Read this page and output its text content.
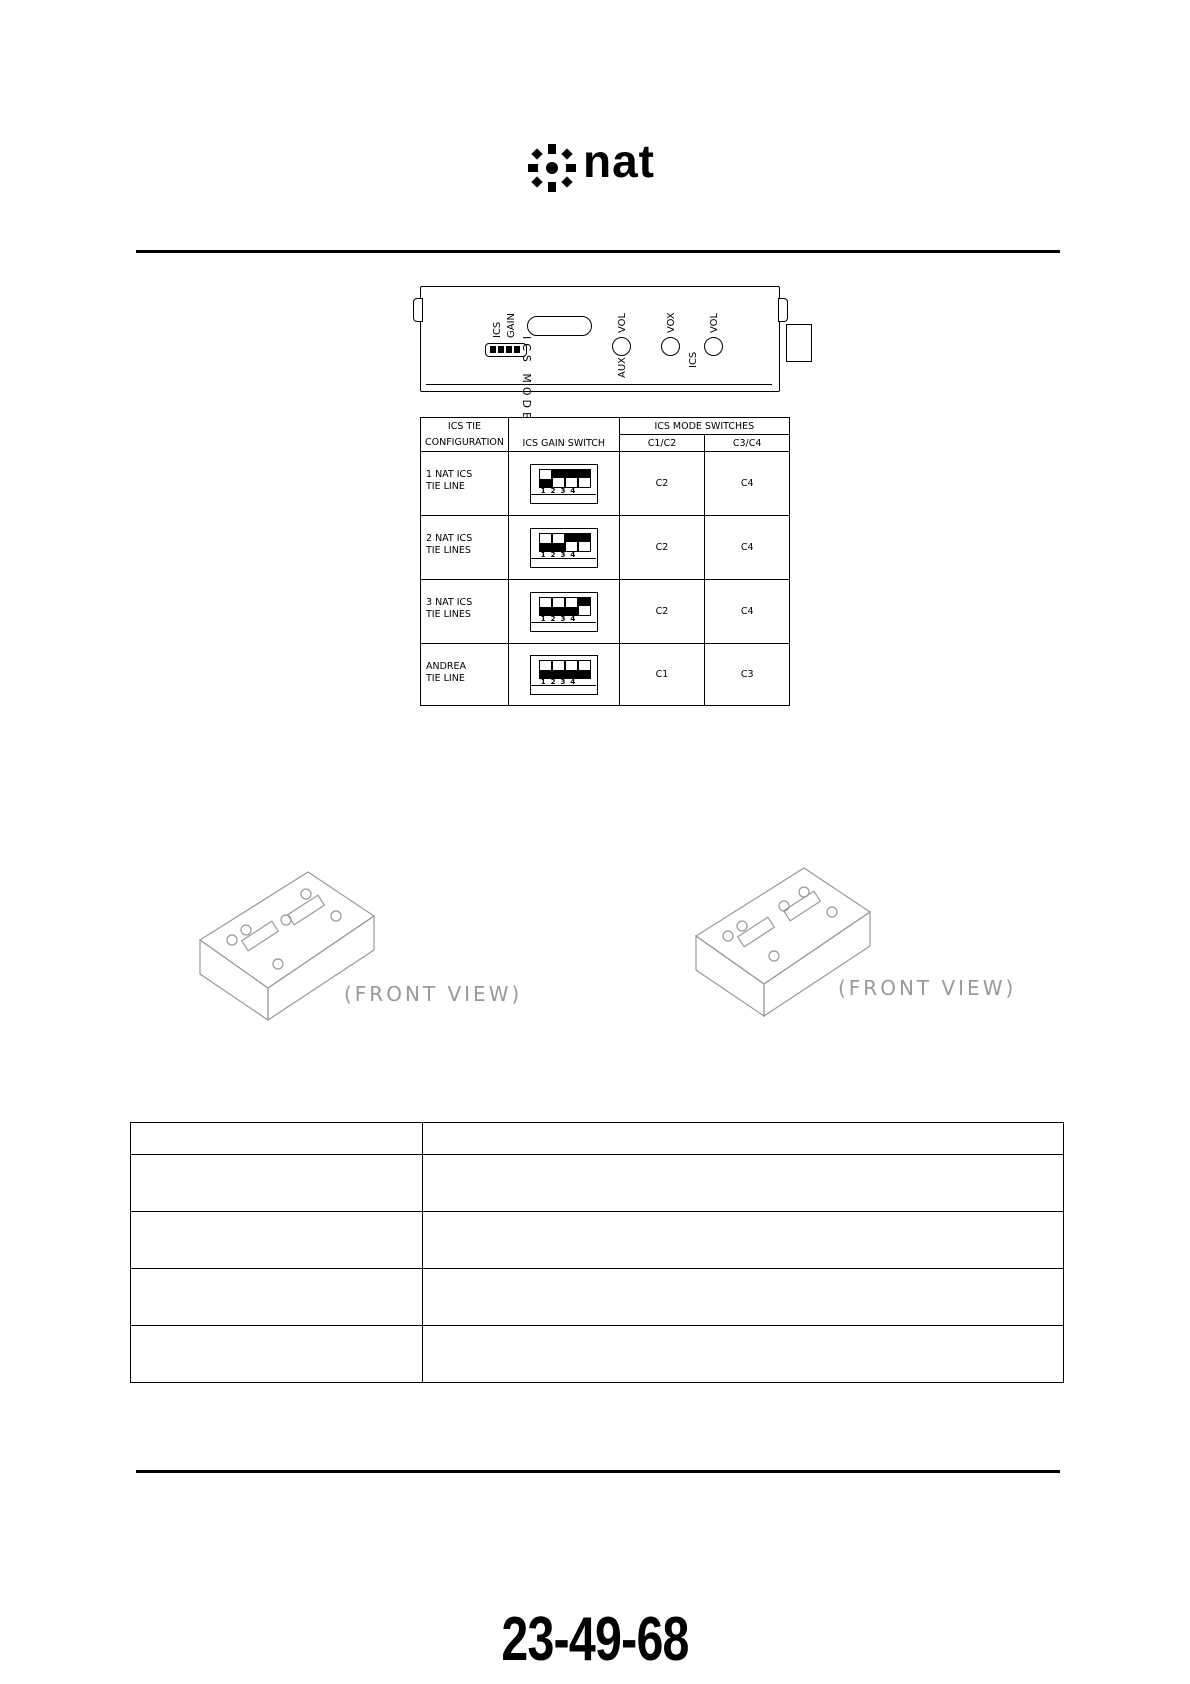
nat
ICS GAIN
ICS MODE	AUX
VOL	VOX
ICS
VOL
ICS TIE
CONFIGURATION	ICS GAIN SWITCH	ICS MODE SWITCHES	
		C1/C2	C3/C4

1 NAT ICS
TIE LINE	1234	C2	C4

2 NAT ICS
TIE LINES	1234	C2	C4

3 NAT ICS
TIE LINES	1234	C2	C4

ANDREA
TIE LINE	1234	C1	C3
(FRONT VIEW)	(FRONT VIEW)

23-49-68
